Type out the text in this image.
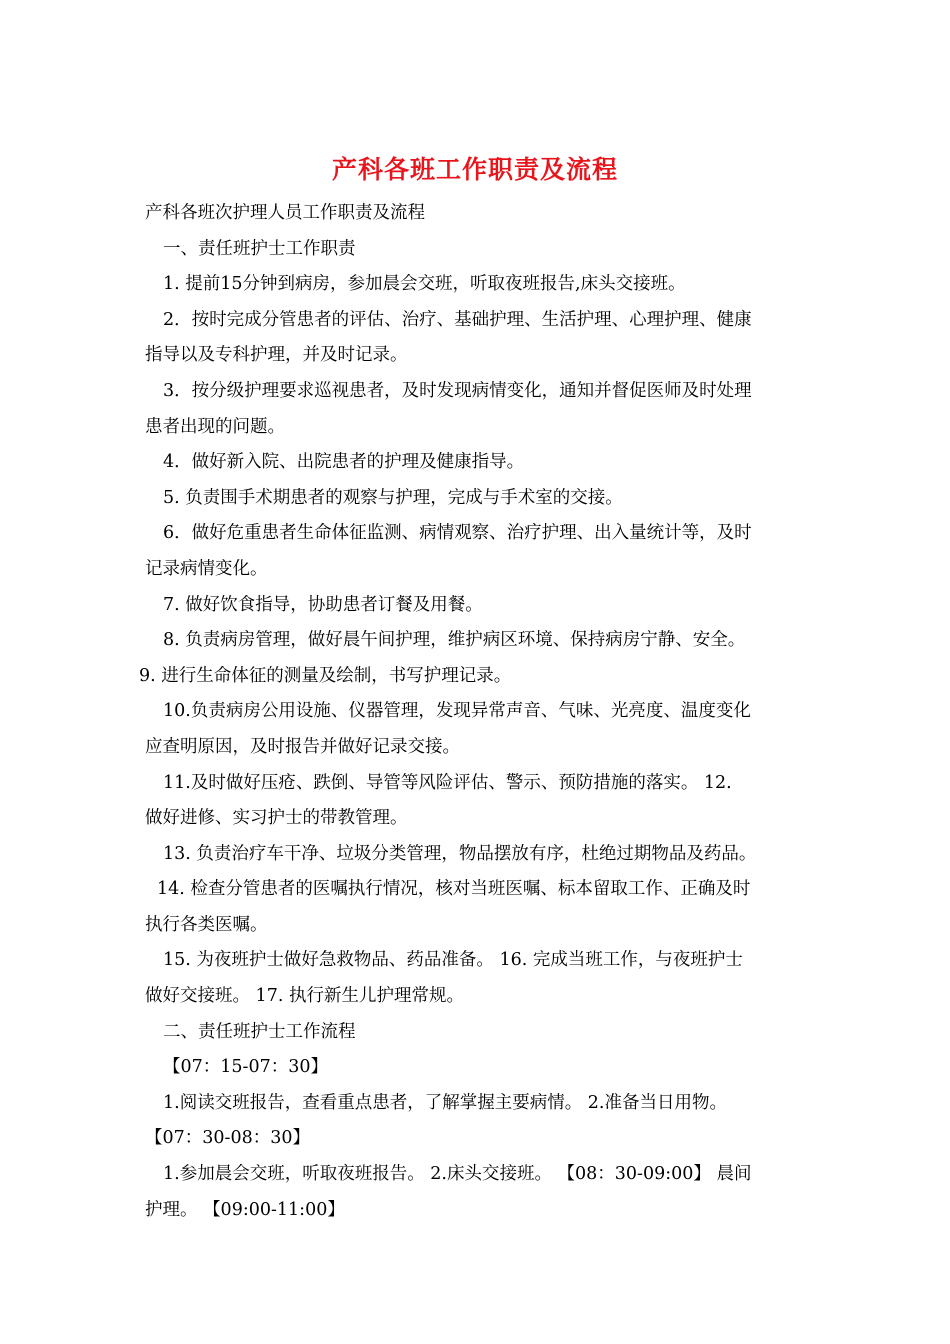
产科各班工作职责及流程
产科各班次护理人员工作职责及流程
一、责任班护士工作职责
1. 提前15分钟到病房，参加晨会交班，听取夜班报告,床头交接班。
2．按时完成分管患者的评估、治疗、基础护理、生活护理、心理护理、健康
指导以及专科护理，并及时记录。
3．按分级护理要求巡视患者，及时发现病情变化，通知并督促医师及时处理
患者出现的问题。
4．做好新入院、出院患者的护理及健康指导。
5. 负责围手术期患者的观察与护理，完成与手术室的交接。
6．做好危重患者生命体征监测、病情观察、治疗护理、出入量统计等，及时
记录病情变化。
7. 做好饮食指导，协助患者订餐及用餐。
8. 负责病房管理，做好晨午间护理，维护病区环境、保持病房宁静、安全。
9. 进行生命体征的测量及绘制，书写护理记录。
10.负责病房公用设施、仪器管理，发现异常声音、气味、光亮度、温度变化
应查明原因，及时报告并做好记录交接。
11.及时做好压疮、跌倒、导管等风险评估、警示、预防措施的落实。 12.
做好进修、实习护士的带教管理。
13. 负责治疗车干净、垃圾分类管理，物品摆放有序，杜绝过期物品及药品。
14. 检查分管患者的医嘱执行情况，核对当班医嘱、标本留取工作、正确及时
执行各类医嘱。
15. 为夜班护士做好急救物品、药品准备。 16. 完成当班工作，与夜班护士
做好交接班。 17. 执行新生儿护理常规。
二、责任班护士工作流程
【07：15-07：30】
1.阅读交班报告，查看重点患者，了解掌握主要病情。 2.准备当日用物。
【07：30-08：30】
1.参加晨会交班，听取夜班报告。 2.床头交接班。 【08：30-09:00】 晨间
护理。 【09:00-11:00】
